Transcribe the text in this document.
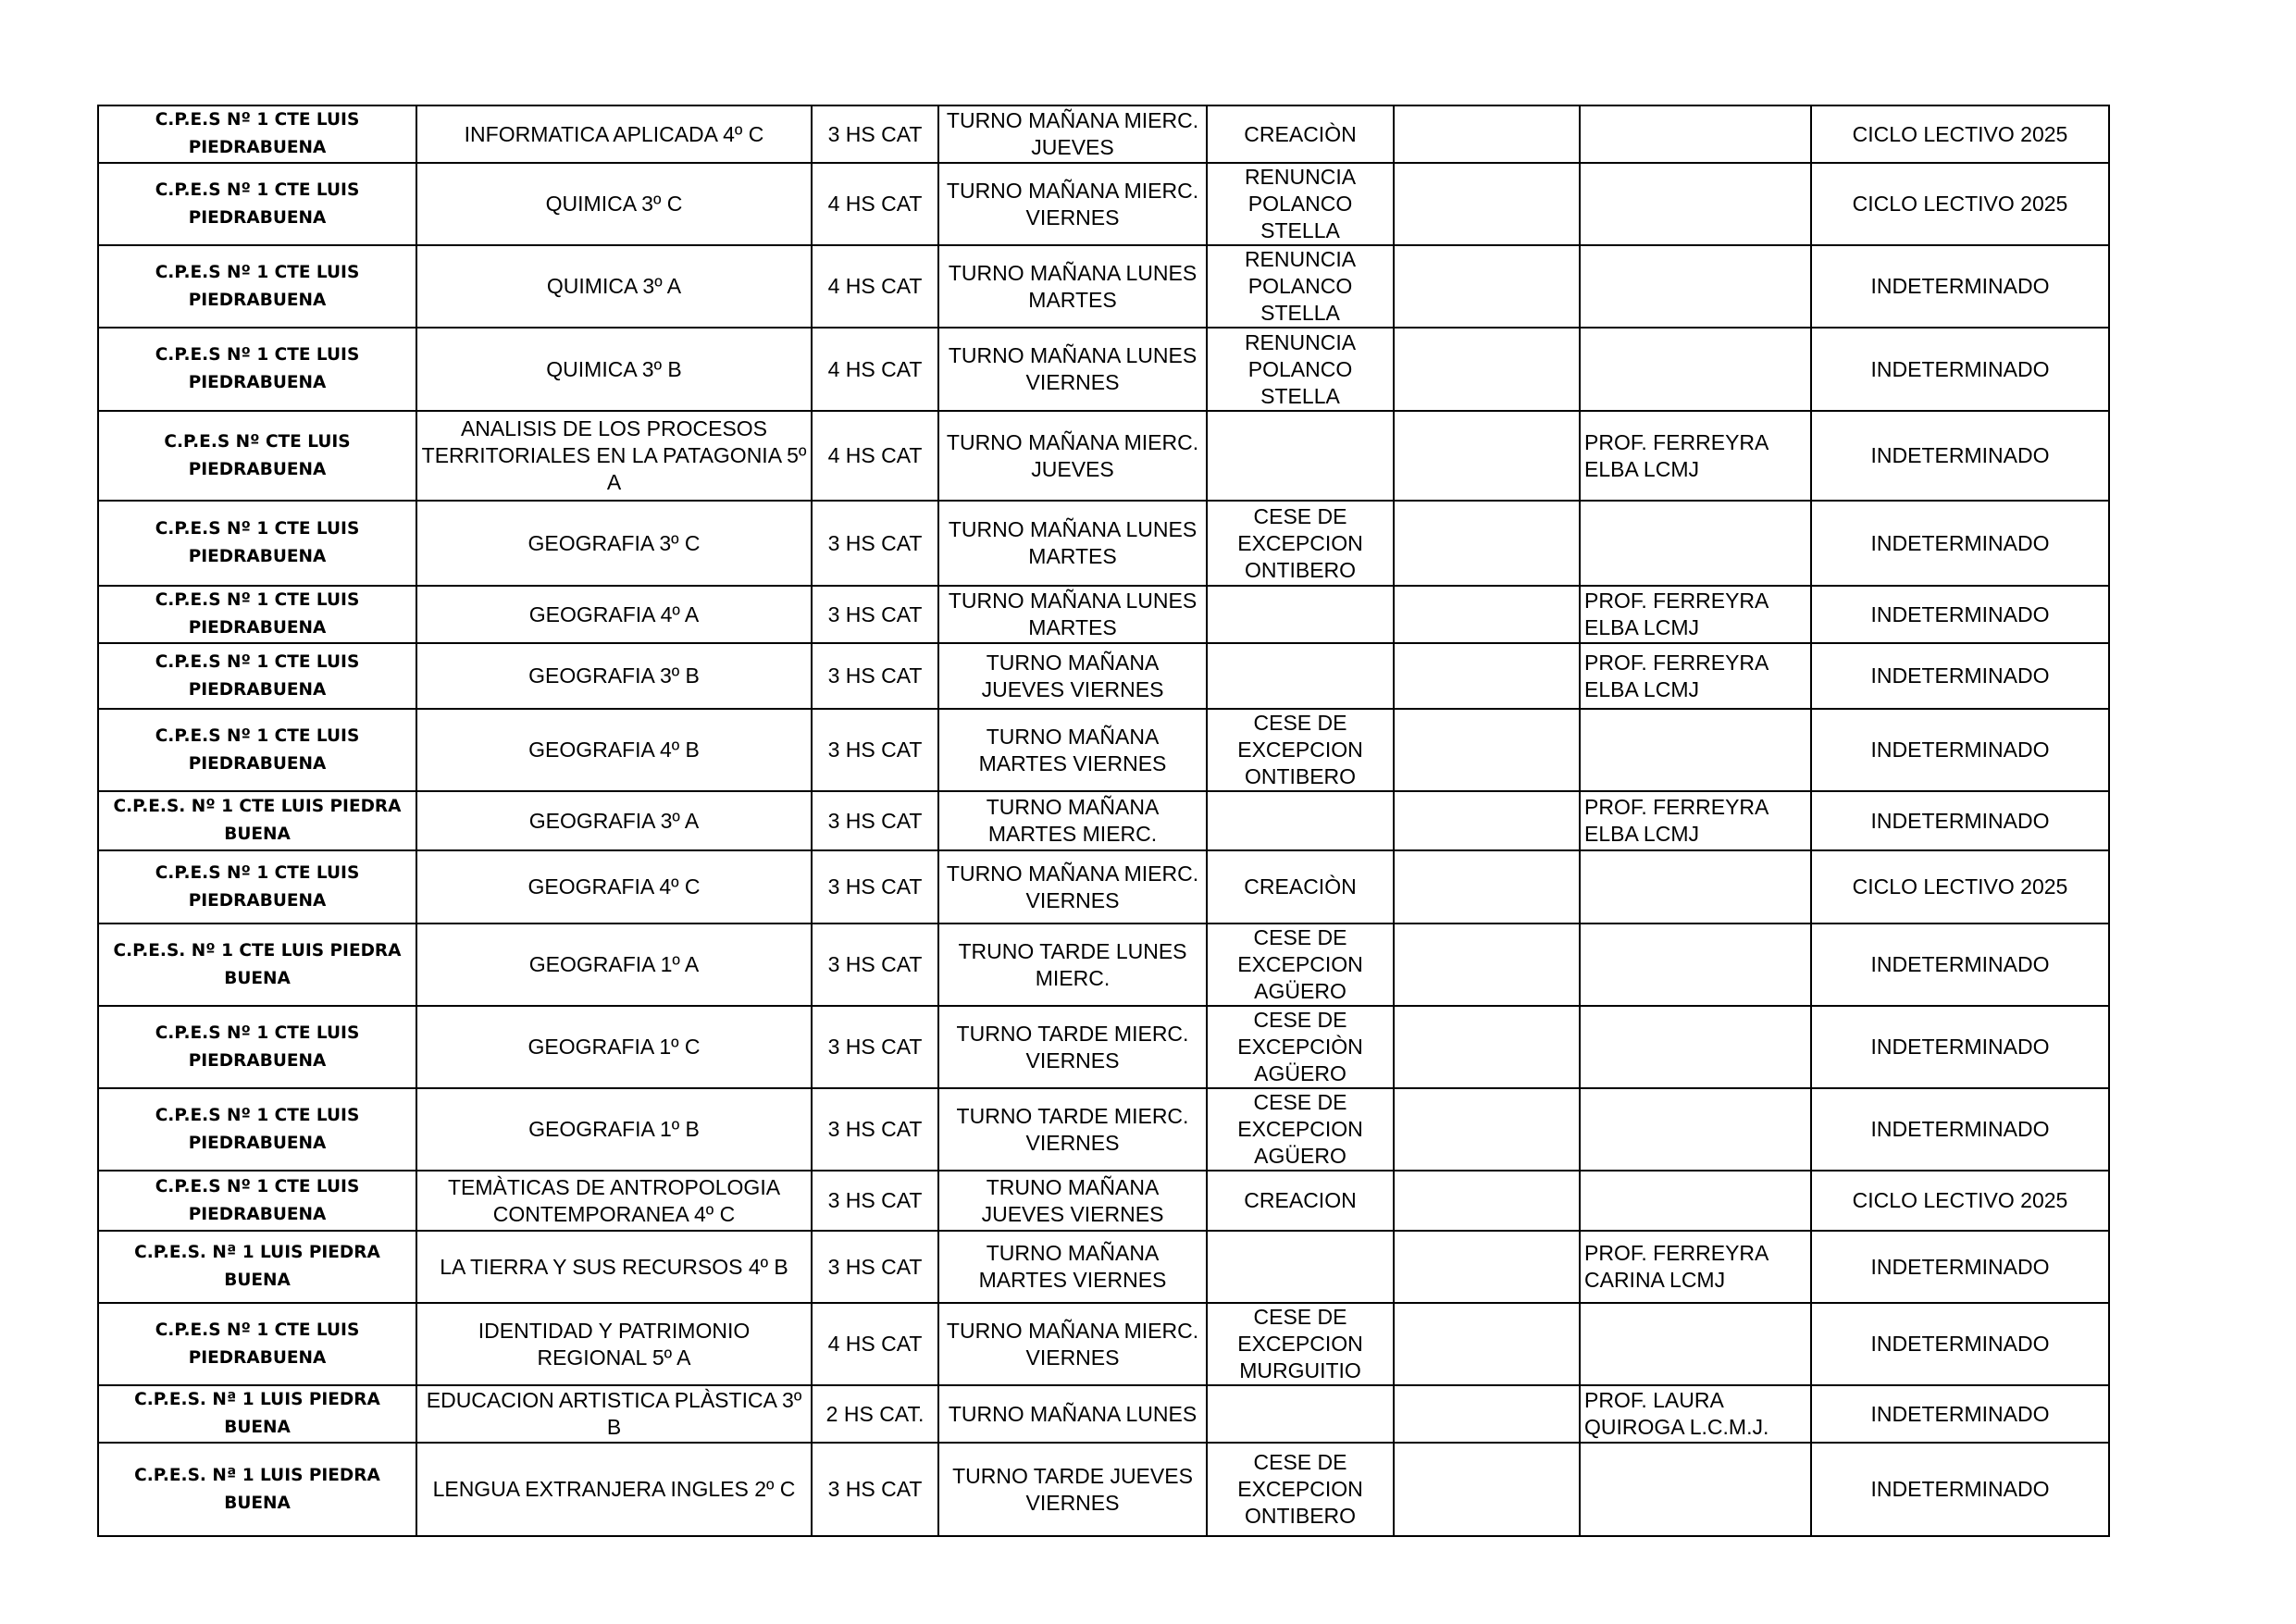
C.P.E.S Nº 1 CTE LUIS PIEDRABUENA	INFORMATICA APLICADA 4º C	3 HS CAT	TURNO MAÑANA MIERC. JUEVES	CREACIÒN			CICLO LECTIVO 2025
C.P.E.S Nº 1 CTE LUIS PIEDRABUENA	QUIMICA 3º C	4 HS CAT	TURNO MAÑANA MIERC. VIERNES	RENUNCIA POLANCO STELLA			CICLO LECTIVO 2025
C.P.E.S Nº 1 CTE LUIS PIEDRABUENA	QUIMICA 3º A	4 HS CAT	TURNO MAÑANA LUNES MARTES	RENUNCIA POLANCO STELLA			INDETERMINADO
C.P.E.S Nº 1 CTE LUIS PIEDRABUENA	QUIMICA 3º B	4 HS CAT	TURNO MAÑANA LUNES VIERNES	RENUNCIA POLANCO STELLA			INDETERMINADO
C.P.E.S Nº CTE LUIS PIEDRABUENA	ANALISIS DE LOS PROCESOS TERRITORIALES EN LA PATAGONIA 5º A	4 HS CAT	TURNO MAÑANA MIERC. JUEVES			PROF. FERREYRA ELBA LCMJ	INDETERMINADO
C.P.E.S Nº 1 CTE LUIS PIEDRABUENA	GEOGRAFIA 3º C	3 HS CAT	TURNO MAÑANA LUNES MARTES	CESE DE EXCEPCION ONTIBERO			INDETERMINADO
C.P.E.S Nº 1 CTE LUIS PIEDRABUENA	GEOGRAFIA 4º A	3 HS CAT	TURNO MAÑANA LUNES MARTES			PROF. FERREYRA ELBA LCMJ	INDETERMINADO
C.P.E.S Nº 1 CTE LUIS PIEDRABUENA	GEOGRAFIA 3º B	3 HS CAT	TURNO MAÑANA JUEVES VIERNES			PROF. FERREYRA ELBA LCMJ	INDETERMINADO
C.P.E.S Nº 1 CTE LUIS PIEDRABUENA	GEOGRAFIA 4º B	3 HS CAT	TURNO MAÑANA MARTES VIERNES	CESE DE EXCEPCION ONTIBERO			INDETERMINADO
C.P.E.S. Nº 1 CTE LUIS PIEDRA BUENA	GEOGRAFIA 3º A	3 HS CAT	TURNO MAÑANA MARTES MIERC.			PROF. FERREYRA ELBA LCMJ	INDETERMINADO
C.P.E.S Nº 1 CTE LUIS PIEDRABUENA	GEOGRAFIA 4º C	3 HS CAT	TURNO MAÑANA MIERC. VIERNES	CREACIÒN			CICLO LECTIVO 2025
C.P.E.S. Nº 1 CTE LUIS PIEDRA BUENA	GEOGRAFIA 1º A	3 HS CAT	TRUNO TARDE LUNES MIERC.	CESE DE EXCEPCION AGÜERO			INDETERMINADO
C.P.E.S Nº 1 CTE LUIS PIEDRABUENA	GEOGRAFIA 1º C	3 HS CAT	TURNO TARDE MIERC. VIERNES	CESE DE EXCEPCIÒN AGÜERO			INDETERMINADO
C.P.E.S Nº 1 CTE LUIS PIEDRABUENA	GEOGRAFIA 1º B	3 HS CAT	TURNO TARDE MIERC. VIERNES	CESE DE EXCEPCION AGÜERO			INDETERMINADO
C.P.E.S Nº 1 CTE LUIS PIEDRABUENA	TEMÀTICAS DE ANTROPOLOGIA CONTEMPORANEA 4º C	3 HS CAT	TRUNO MAÑANA JUEVES VIERNES	CREACION			CICLO LECTIVO 2025
C.P.E.S. Nª 1 LUIS PIEDRA BUENA	LA TIERRA Y SUS RECURSOS 4º B	3 HS CAT	TURNO MAÑANA MARTES VIERNES			PROF. FERREYRA CARINA LCMJ	INDETERMINADO
C.P.E.S Nº 1 CTE LUIS PIEDRABUENA	IDENTIDAD Y PATRIMONIO REGIONAL 5º A	4 HS CAT	TURNO MAÑANA MIERC. VIERNES	CESE DE EXCEPCION MURGUITIO			INDETERMINADO
C.P.E.S. Nª 1 LUIS PIEDRA BUENA	EDUCACION ARTISTICA PLÀSTICA 3º B	2 HS CAT.	TURNO MAÑANA LUNES			PROF. LAURA QUIROGA L.C.M.J.	INDETERMINADO
C.P.E.S. Nª 1 LUIS PIEDRA BUENA	LENGUA EXTRANJERA INGLES 2º C	3 HS CAT	TURNO TARDE JUEVES VIERNES	CESE DE EXCEPCION ONTIBERO			INDETERMINADO
